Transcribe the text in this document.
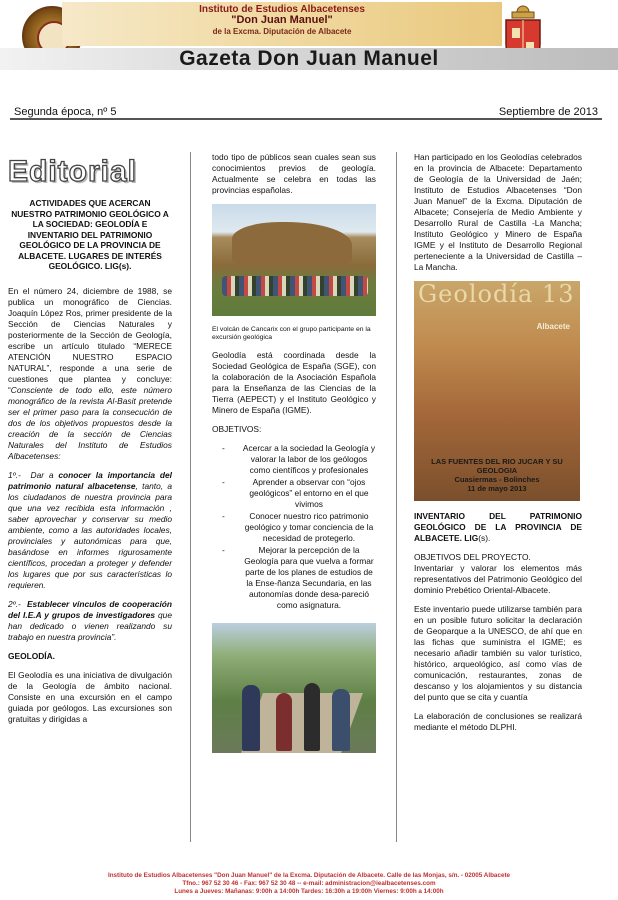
Instituto de Estudios Albacetenses
"Don Juan Manuel"
de la Excma. Diputación de Albacete
Gazeta Don Juan Manuel
Segunda época, nº 5	Septiembre de 2013
Editorial

ACTIVIDADES QUE ACERCAN NUESTRO PATRIMONIO GEOLÓGICO A LA SOCIEDAD: GEOLODÍA E INVENTARIO DEL PATRIMONIO GEOLÓGICO DE LA PROVINCIA DE ALBACETE. LUGARES DE INTERÉS GEOLÓGICO. LIG(s).

En el número 24, diciembre de 1988, se publica un monográfico de Ciencias. Joaquín López Ros, primer presidente de la Sección de Ciencias Naturales y posteriormente de la Sección de Geología, escribe un artículo titulado “MERECE ATENCIÓN NUESTRO ESPACIO NATURAL”, responde a una serie de cuestiones que plantea y concluye: “Consciente de todo ello, este número monográfico de la revista Al-Basit pretende ser el primer paso para la consecución de dos de los objetivos propuestos desde la creación de la sección de Ciencias Naturales del Instituto de Estudios Albacetenses:

1º.- Dar a conocer la importancia del patrimonio natural albacetense, tanto, a los ciudadanos de nuestra provincia para que una vez recibida esta información , saber aprovechar y conservar su medio ambiente, como a las autoridades locales, provinciales y autonómicas para que, basándose en informes rigurosamente científicos, procedan a proteger y defender los lugares que por sus características lo requieren.

2º.- Establecer vínculos de cooperación del I.E.A y grupos de investigadores que han dedicado o vienen realizando su trabajo en nuestra provincia”.

GEOLODÍA.

El Geolodía es una iniciativa de divulgación de la Geología de ámbito nacional. Consiste en una excursión en el campo guiada por geólogos. Las excursiones son gratuitas y dirigidas a

todo tipo de públicos sean cuales sean sus conocimientos previos de geología. Actualmente se celebra en todas las provincias españolas.

El volcán de Cancarix con el grupo participante en la excursión geológica

Geolodía está coordinada desde la Sociedad Geológica de España (SGE), con la colaboración de la Asociación Española para la Enseñanza de las Ciencias de la Tierra (AEPECT) y el Instituto Geológico y Minero de España (IGME).

OBJETIVOS:

- Acercar a la sociedad la Geología y valorar la labor de los geólogos como científicos y profesionales
- Aprender a observar con “ojos geológicos” el entorno en el que vivimos
- Conocer nuestro rico patrimonio geológico y tomar conciencia de la necesidad de protegerlo.
- Mejorar la percepción de la Geología para que vuelva a formar parte de los planes de estudios de la Ense-ñanza Secundaria, en las autonomías donde desa-pareció como asignatura.

Han participado en los Geolodías celebrados en la provincia de Albacete: Departamento de Geología de la Universidad de Jaén; Instituto de Estudios Albacetenses “Don Juan Manuel” de la Excma. Diputación de Albacete; Consejería de Medio Ambiente y Desarrollo Rural de Castilla -La Mancha; Instituto Geológico y Minero de España IGME y el Instituto de Desarrollo Regional perteneciente a la Universidad de Castilla –La Mancha.

Geolodía 13
Albacete
LAS FUENTES DEL RIO JUCAR Y SU GEOLOGIA
Cuasiermas - Bolinches
11 de mayo 2013

INVENTARIO DEL PATRIMONIO GEOLÓGICO DE LA PROVINCIA DE ALBACETE. LIG(s).

OBJETIVOS DEL PROYECTO.

Inventariar y valorar los elementos más representativos del Patrimonio Geológico del dominio Prebético Oriental-Albacete.

Este inventario puede utilizarse también para en un posible futuro solicitar la declaración de Geoparque a la UNESCO, de ahí que en las fichas que suministra el IGME; es necesario añadir también su valor turístico, histórico, arqueológico, así como vías de comunicación, restaurantes, zonas de descanso y los alojamientos y su distancia del punto que se cita y cuantía

La elaboración de conclusiones se realizará mediante el método DLPHI.

Instituto de Estudios Albacetenses "Don Juan Manuel" de la Excma. Diputación de Albacete. Calle de las Monjas, s/n. - 02005 Albacete
Tfno.: 967 52 30 46 - Fax: 967 52 30 48 -- e-mail: administracion@iealbacetenses.com
Lunes a Jueves: Mañanas: 9:00h a 14:00h Tardes: 16:30h a 19:00h Viernes: 9:00h a 14:00h
